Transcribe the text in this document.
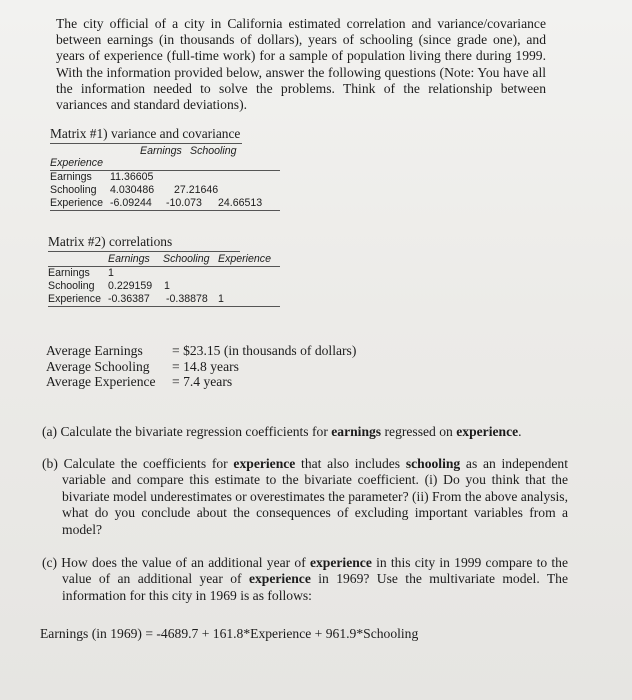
The city official of a city in California estimated correlation and variance/covariance between earnings (in thousands of dollars), years of schooling (since grade one), and years of experience (full-time work) for a sample of population living there during 1999. With the information provided below, answer the following questions (Note: You have all the information needed to solve the problems. Think of the relationship between variances and standard deviations).
Matrix #1) variance and covariance
Earnings SchoolingExperience
Earnings 11.36605
Schooling 4.030486 27.21646
Experience -6.09244 -10.073 24.66513
Matrix #2) correlations
Earnings Schooling Experience
Earnings 1
Schooling 0.229159 1
Experience -0.36387 -0.38878 1
Average Earnings = $23.15 (in thousands of dollars)
Average Schooling = 14.8 years
Average Experience = 7.4 years
(a) Calculate the bivariate regression coefficients for earnings regressed on experience.
(b) Calculate the coefficients for experience that also includes schooling as an independent variable and compare this estimate to the bivariate coefficient. (i) Do you think that the bivariate model underestimates or overestimates the parameter? (ii) From the above analysis, what do you conclude about the consequences of excluding important variables from a model?
(c) How does the value of an additional year of experience in this city in 1999 compare to the value of an additional year of experience in 1969? Use the multivariate model. The information for this city in 1969 is as follows:
Earnings (in 1969) = -4689.7 + 161.8*Experience + 961.9*Schooling
